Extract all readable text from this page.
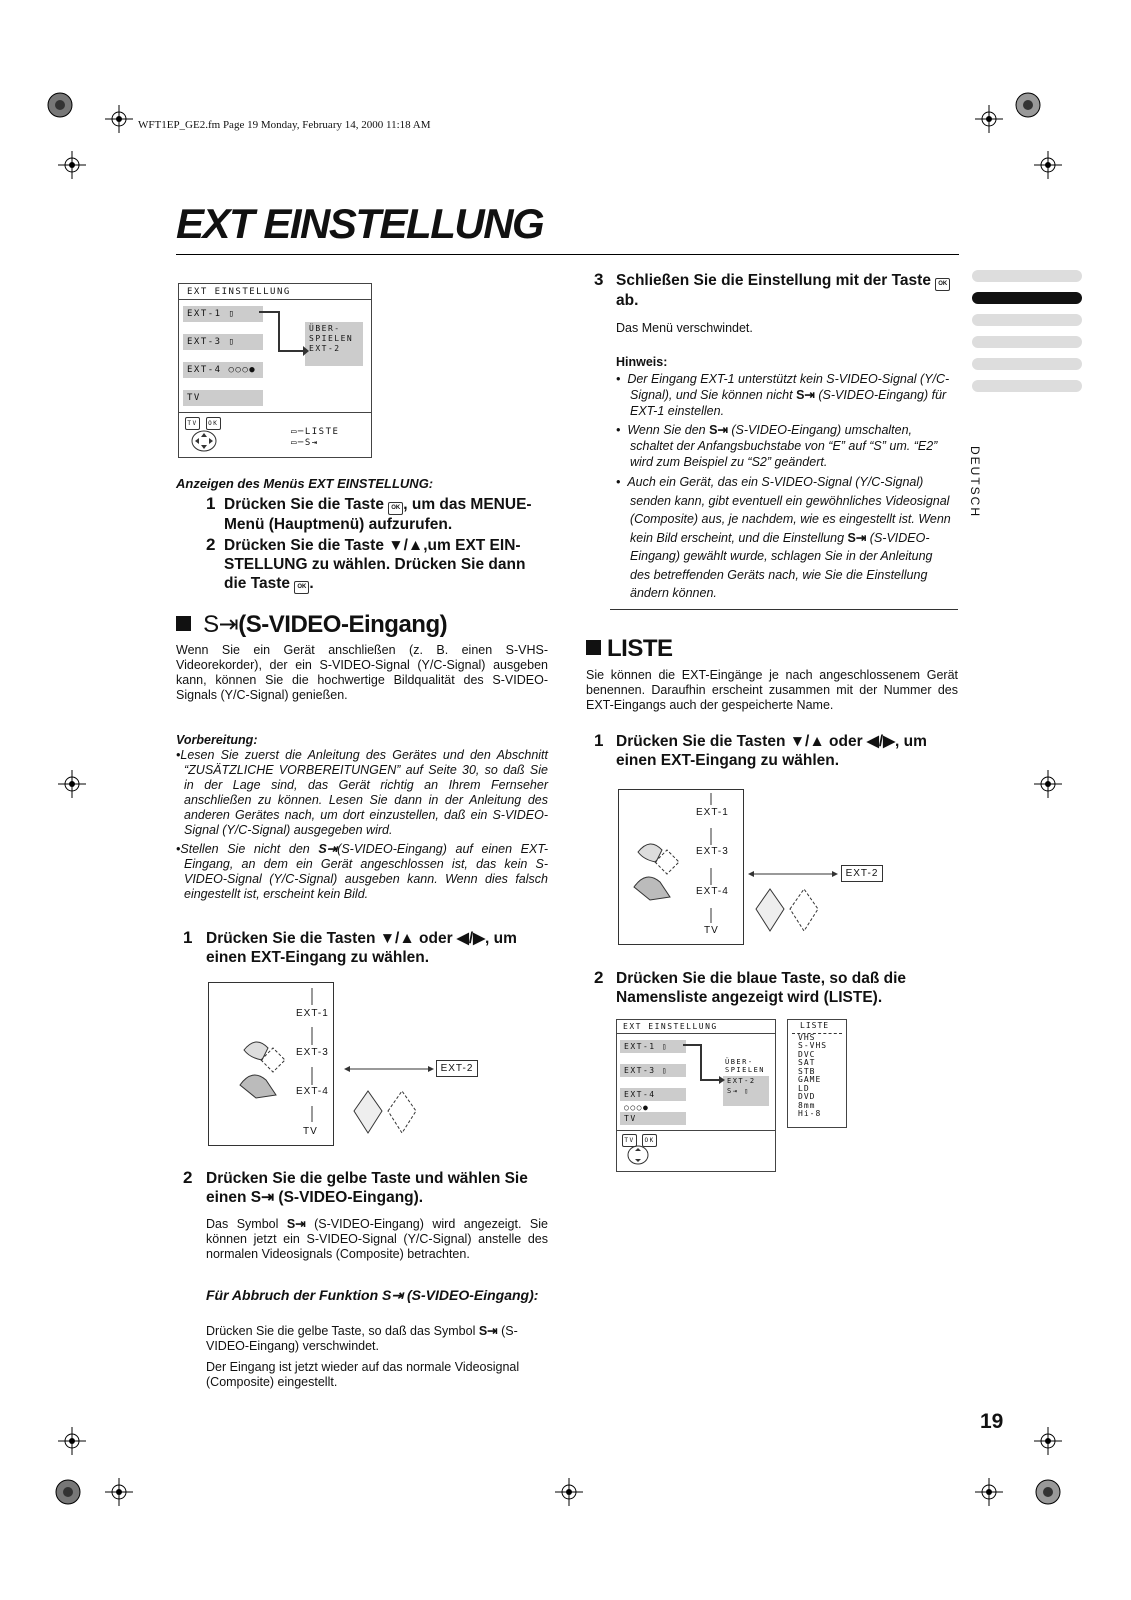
WFT1EP_GE2.fm Page 19 Monday, February 14, 2000 11:18 AM
EXT EINSTELLUNG
DEUTSCH
EXT EINSTELLUNG
EXT-1 ▯
EXT-3 ▯
EXT-4 ○○○●
TV
ÜBER-
SPIELEN
EXT-2
TV OK
▭─LISTE
▭─S⇥
Anzeigen des Menüs EXT EINSTELLUNG:
1 Drücken Sie die Taste OK , um das MENUE-Menü (Hauptmenü) aufzurufen.
2 Drücken Sie die Taste ▼/▲,um EXT EIN-STELLUNG zu wählen. Drücken Sie dann die Taste OK .
S⇥(S-VIDEO-Eingang)
Wenn Sie ein Gerät anschließen (z. B. einen S-VHS-Videorekorder), der ein S-VIDEO-Signal (Y/C-Signal) ausgeben kann, können Sie die hochwertige Bildqualität des S-VIDEO-Signals (Y/C-Signal) genießen.
Vorbereitung:
•Lesen Sie zuerst die Anleitung des Gerätes und den Abschnitt “ZUSÄTZLICHE VORBEREITUNGEN” auf Seite 30, so daß Sie in der Lage sind, das Gerät richtig an Ihrem Fernseher anschließen zu können. Lesen Sie dann in der Anleitung des anderen Gerätes nach, um dort einzustellen, daß ein S-VIDEO-Signal (Y/C-Signal) ausgegeben wird.
•Stellen Sie nicht den S⇥(S-VIDEO-Eingang) auf einen EXT-Eingang, an dem ein Gerät angeschlossen ist, das kein S-VIDEO-Signal (Y/C-Signal) ausgeben kann. Wenn dies falsch eingestellt ist, erscheint kein Bild.
1 Drücken Sie die Tasten ▼/▲ oder ◀/▶, um einen EXT-Eingang zu wählen.
EXT-1
EXT-3
EXT-4
TV
EXT-2
2 Drücken Sie die gelbe Taste und wählen Sie einen S⇥ (S-VIDEO-Eingang).
Das Symbol S⇥ (S-VIDEO-Eingang) wird angezeigt. Sie können jetzt ein S-VIDEO-Signal (Y/C-Signal) anstelle des normalen Videosignals (Composite) betrachten.
Für Abbruch der Funktion S⇥ (S-VIDEO-Eingang):
Drücken Sie die gelbe Taste, so daß das Symbol S⇥ (S-VIDEO-Eingang) verschwindet.
Der Eingang ist jetzt wieder auf das normale Videosignal (Composite) eingestellt.
3 Schließen Sie die Einstellung mit der Taste OK ab.
Das Menü verschwindet.
Hinweis:
•  Der Eingang EXT-1 unterstützt kein S-VIDEO-Signal (Y/C-Signal), und Sie können nicht S⇥ (S-VIDEO-Eingang) für EXT-1 einstellen.
•  Wenn Sie den S⇥ (S-VIDEO-Eingang) umschalten, schaltet der Anfangsbuchstabe von “E” auf “S” um. “E2” wird zum Beispiel zu “S2” geändert.
•  Auch ein Gerät, das ein S-VIDEO-Signal (Y/C-Signal) senden kann, gibt eventuell ein gewöhnliches Videosignal (Composite) aus, je nachdem, wie es eingestellt ist. Wenn kein Bild erscheint, und die Einstellung S⇥ (S-VIDEO-Eingang) gewählt wurde, schlagen Sie in der Anleitung des betreffenden Geräts nach, wie Sie die Einstellung ändern können.
LISTE
Sie können die EXT-Eingänge je nach angeschlossenem Gerät benennen. Daraufhin erscheint zusammen mit der Nummer des EXT-Eingangs auch der gespeicherte Name.
1 Drücken Sie die Tasten ▼/▲ oder ◀/▶, um einen EXT-Eingang zu wählen.
EXT-1
EXT-3
EXT-4
TV
EXT-2
2 Drücken Sie die blaue Taste, so daß die Namensliste angezeigt wird (LISTE).
EXT EINSTELLUNG
EXT-1 ▯
EXT-3 ▯
EXT-4 ○○○●
TV
ÜBER-
SPIELEN
EXT-2
S⇥ ▯
TV OK
LISTE
VHS
S-VHS
DVC
SAT
STB
GAME
LD
DVD
8mm
Hi-8
19
